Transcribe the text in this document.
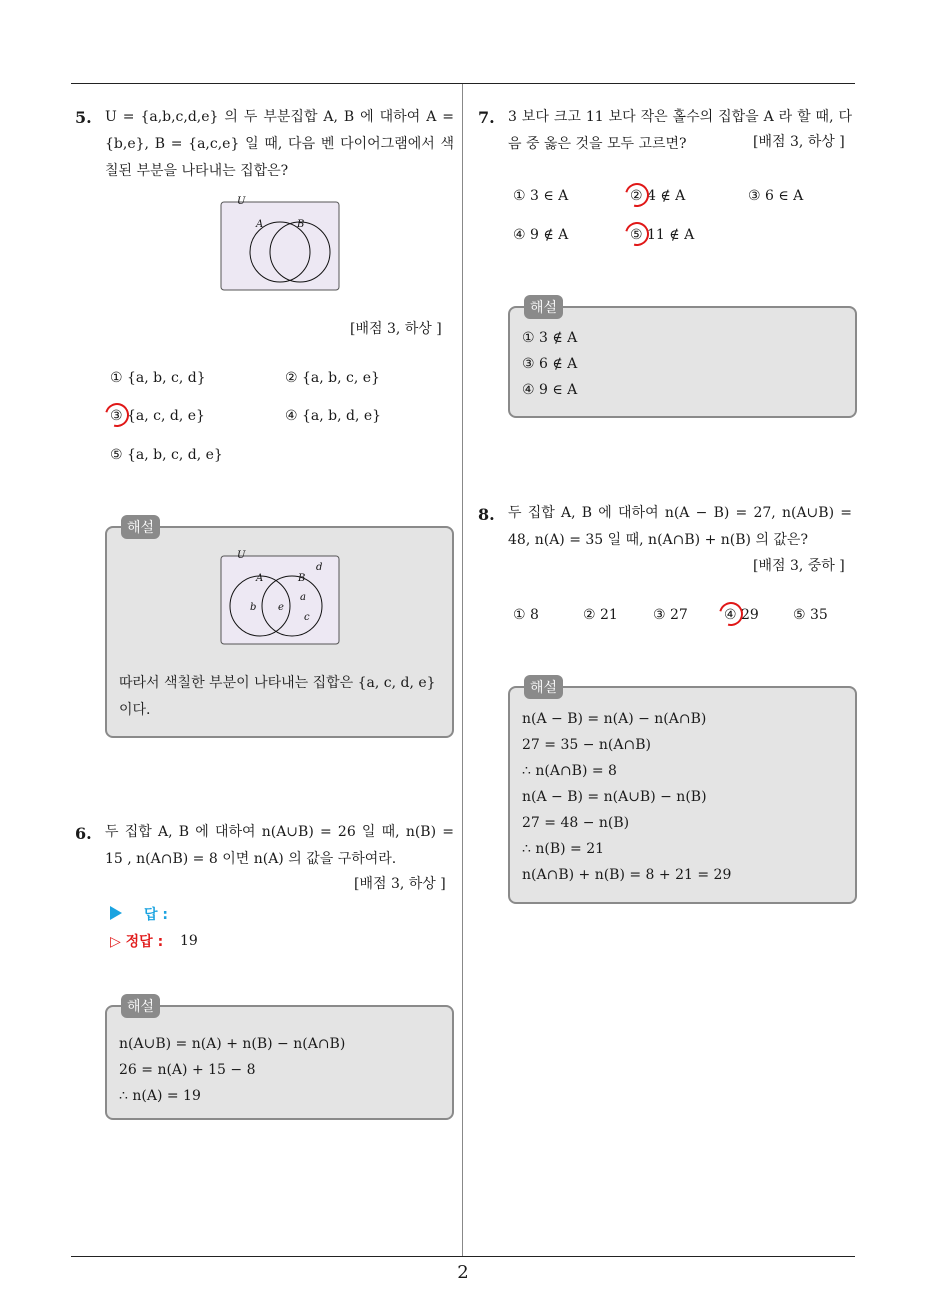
2
5. U = {a,b,c,d,e} 의 두 부분집합 A, B 에 대하여 A = {b,e}, B = {a,c,e} 일 때, 다음 벤 다이어그램에서 색칠된 부분을 나타내는 집합은?
U
A	B
[배점 3, 하상 ]
① {a, b, c, d}	② {a, b, c, e}
③ {a, c, d, e}	④ {a, b, d, e}
⑤ {a, b, c, d, e}
해설
U
A	B
d
b e
a
c
따라서 색칠한 부분이 나타내는 집합은 {a, c, d, e} 이다.
6. 두 집합 A, B 에 대하여 n(A∪B) = 26 일 때, n(B) = 15 , n(A∩B) = 8 이면 n(A) 의 값을 구하여라.
[배점 3, 하상 ]
답 :
▷ 정답 : 19
해설
n(A∪B) = n(A) + n(B) − n(A∩B)
26 = n(A) + 15 − 8
∴ n(A) = 19
7. 3 보다 크고 11 보다 작은 홀수의 집합을 A 라 할 때, 다음 중 옳은 것을 모두 고르면?	[배점 3, 하상 ]
① 3 ∈ A	② 4 ∉ A	③ 6 ∈ A
④ 9 ∉ A	⑤ 11 ∉ A
해설
① 3 ∉ A
③ 6 ∉ A
④ 9 ∈ A
8. 두 집합 A, B 에 대하여 n(A − B) = 27, n(A∪B) = 48, n(A) = 35 일 때, n(A∩B) + n(B) 의 값은?
[배점 3, 중하 ]
① 8	② 21	③ 27	④ 29 ⑤ 35
해설
n(A − B) = n(A) − n(A∩B)
27 = 35 − n(A∩B)
∴ n(A∩B) = 8
n(A − B) = n(A∪B) − n(B)
27 = 48 − n(B)
∴ n(B) = 21
n(A∩B) + n(B) = 8 + 21 = 29
